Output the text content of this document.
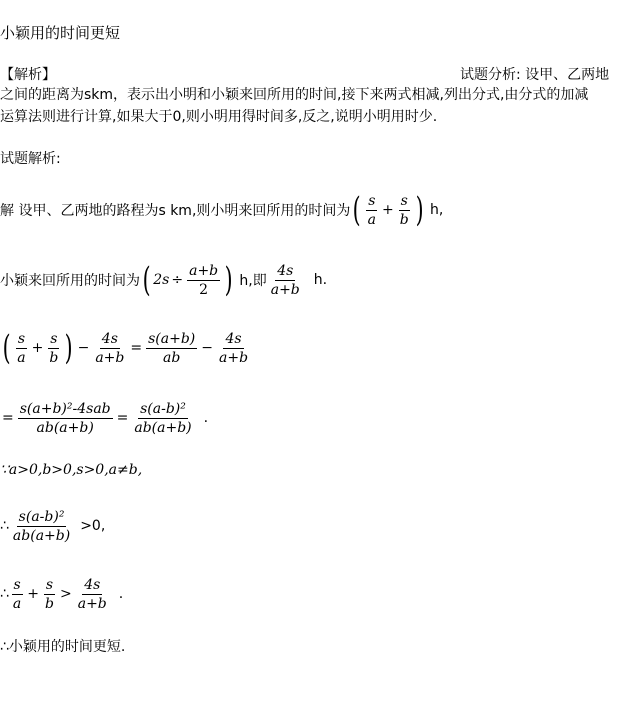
小颖用的时间更短
【解析】	试题分析: 设甲、乙两地
之间的距离为skm，表示出小明和小颖来回所用的时间,接下来两式相减,列出分式,由分式的加减
运算法则进行计算,如果大于0,则小明用得时间多,反之,说明小明用时少.
试题解析:
解 设甲、乙两地的路程为s km,则小明来回所用的时间为 ( $\frac{s}{a} + \frac{s}{b}$ ) h,
小颖来回所用的时间为 ( $2s \div \frac{a+b}{2}$ ) h,即 $\frac{4s}{a+b} h$.
( $\frac{s}{a} + \frac{s}{b}$ ) − $\frac{4s}{a+b} = \frac{s(a+b)}{ab} - \frac{4s}{a+b}$
= $\frac{\text{s(a+b)²-4sab}}{ab(a+b)} = \frac{\text{s(a-b)²}}{ab(a+b)}$ .
∵a>0,b>0,s>0,a≠b,
∴ $\frac{\text{s(a-b)²}}{ab(a+b)} >0$,
∴ $\frac{s}{a} + \frac{s}{b} > \frac{4s}{a+b}$ .
∴小颖用的时间更短.
